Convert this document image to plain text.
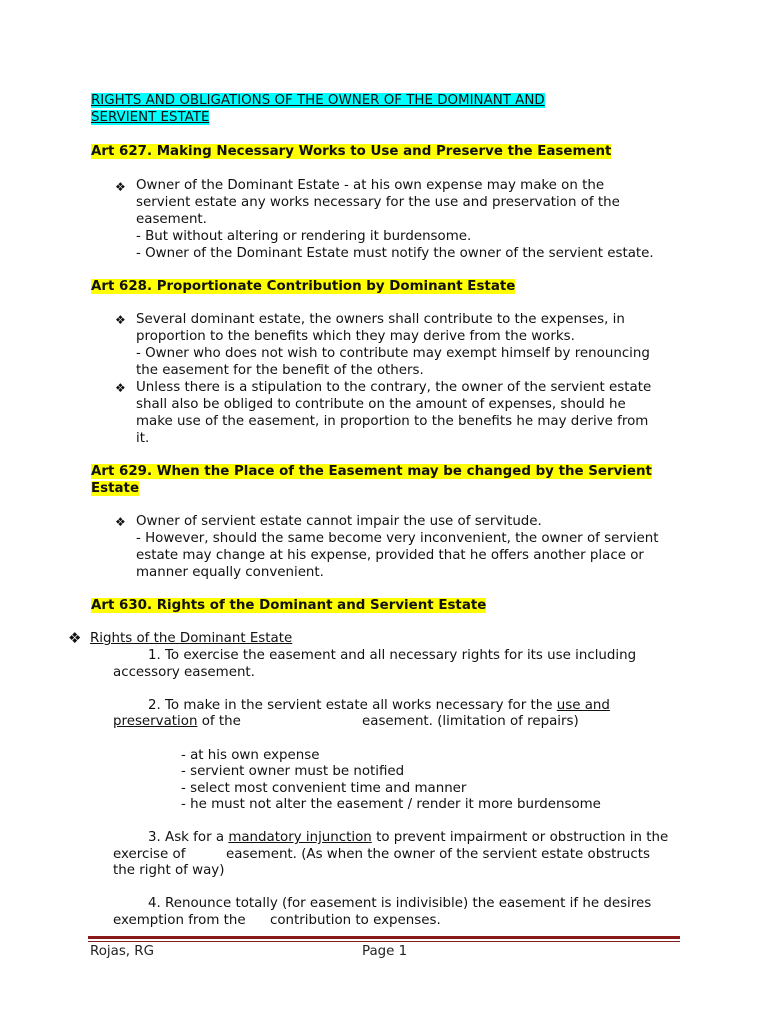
RIGHTS AND OBLIGATIONS OF THE OWNER OF THE DOMINANT AND
SERVIENT ESTATE
Art 627. Making Necessary Works to Use and Preserve the Easement
❖ Owner of the Dominant Estate - at his own expense may make on the
servient estate any works necessary for the use and preservation of the
easement.
- But without altering or rendering it burdensome.
- Owner of the Dominant Estate must notify the owner of the servient estate.
Art 628. Proportionate Contribution by Dominant Estate
❖ Several dominant estate, the owners shall contribute to the expenses, in
proportion to the benefits which they may derive from the works.
- Owner who does not wish to contribute may exempt himself by renouncing
the easement for the benefit of the others.
❖ Unless there is a stipulation to the contrary, the owner of the servient estate
shall also be obliged to contribute on the amount of expenses, should he
make use of the easement, in proportion to the benefits he may derive from
it.
Art 629. When the Place of the Easement may be changed by the Servient
Estate
❖ Owner of servient estate cannot impair the use of servitude.
- However, should the same become very inconvenient, the owner of servient
estate may change at his expense, provided that he offers another place or
manner equally convenient.
Art 630. Rights of the Dominant and Servient Estate
❖ Rights of the Dominant Estate
1. To exercise the easement and all necessary rights for its use including
accessory easement.
2. To make in the servient estate all works necessary for the use and
preservation of the	easement. (limitation of repairs)
- at his own expense
- servient owner must be notified
- select most convenient time and manner
- he must not alter the easement / render it more burdensome
3. Ask for a mandatory injunction to prevent impairment or obstruction in the
exercise of	easement. (As when the owner of the servient estate obstructs
the right of way)
4. Renounce totally (for easement is indivisible) the easement if he desires
exemption from the contribution to expenses.
Rojas, RG	Page 1
